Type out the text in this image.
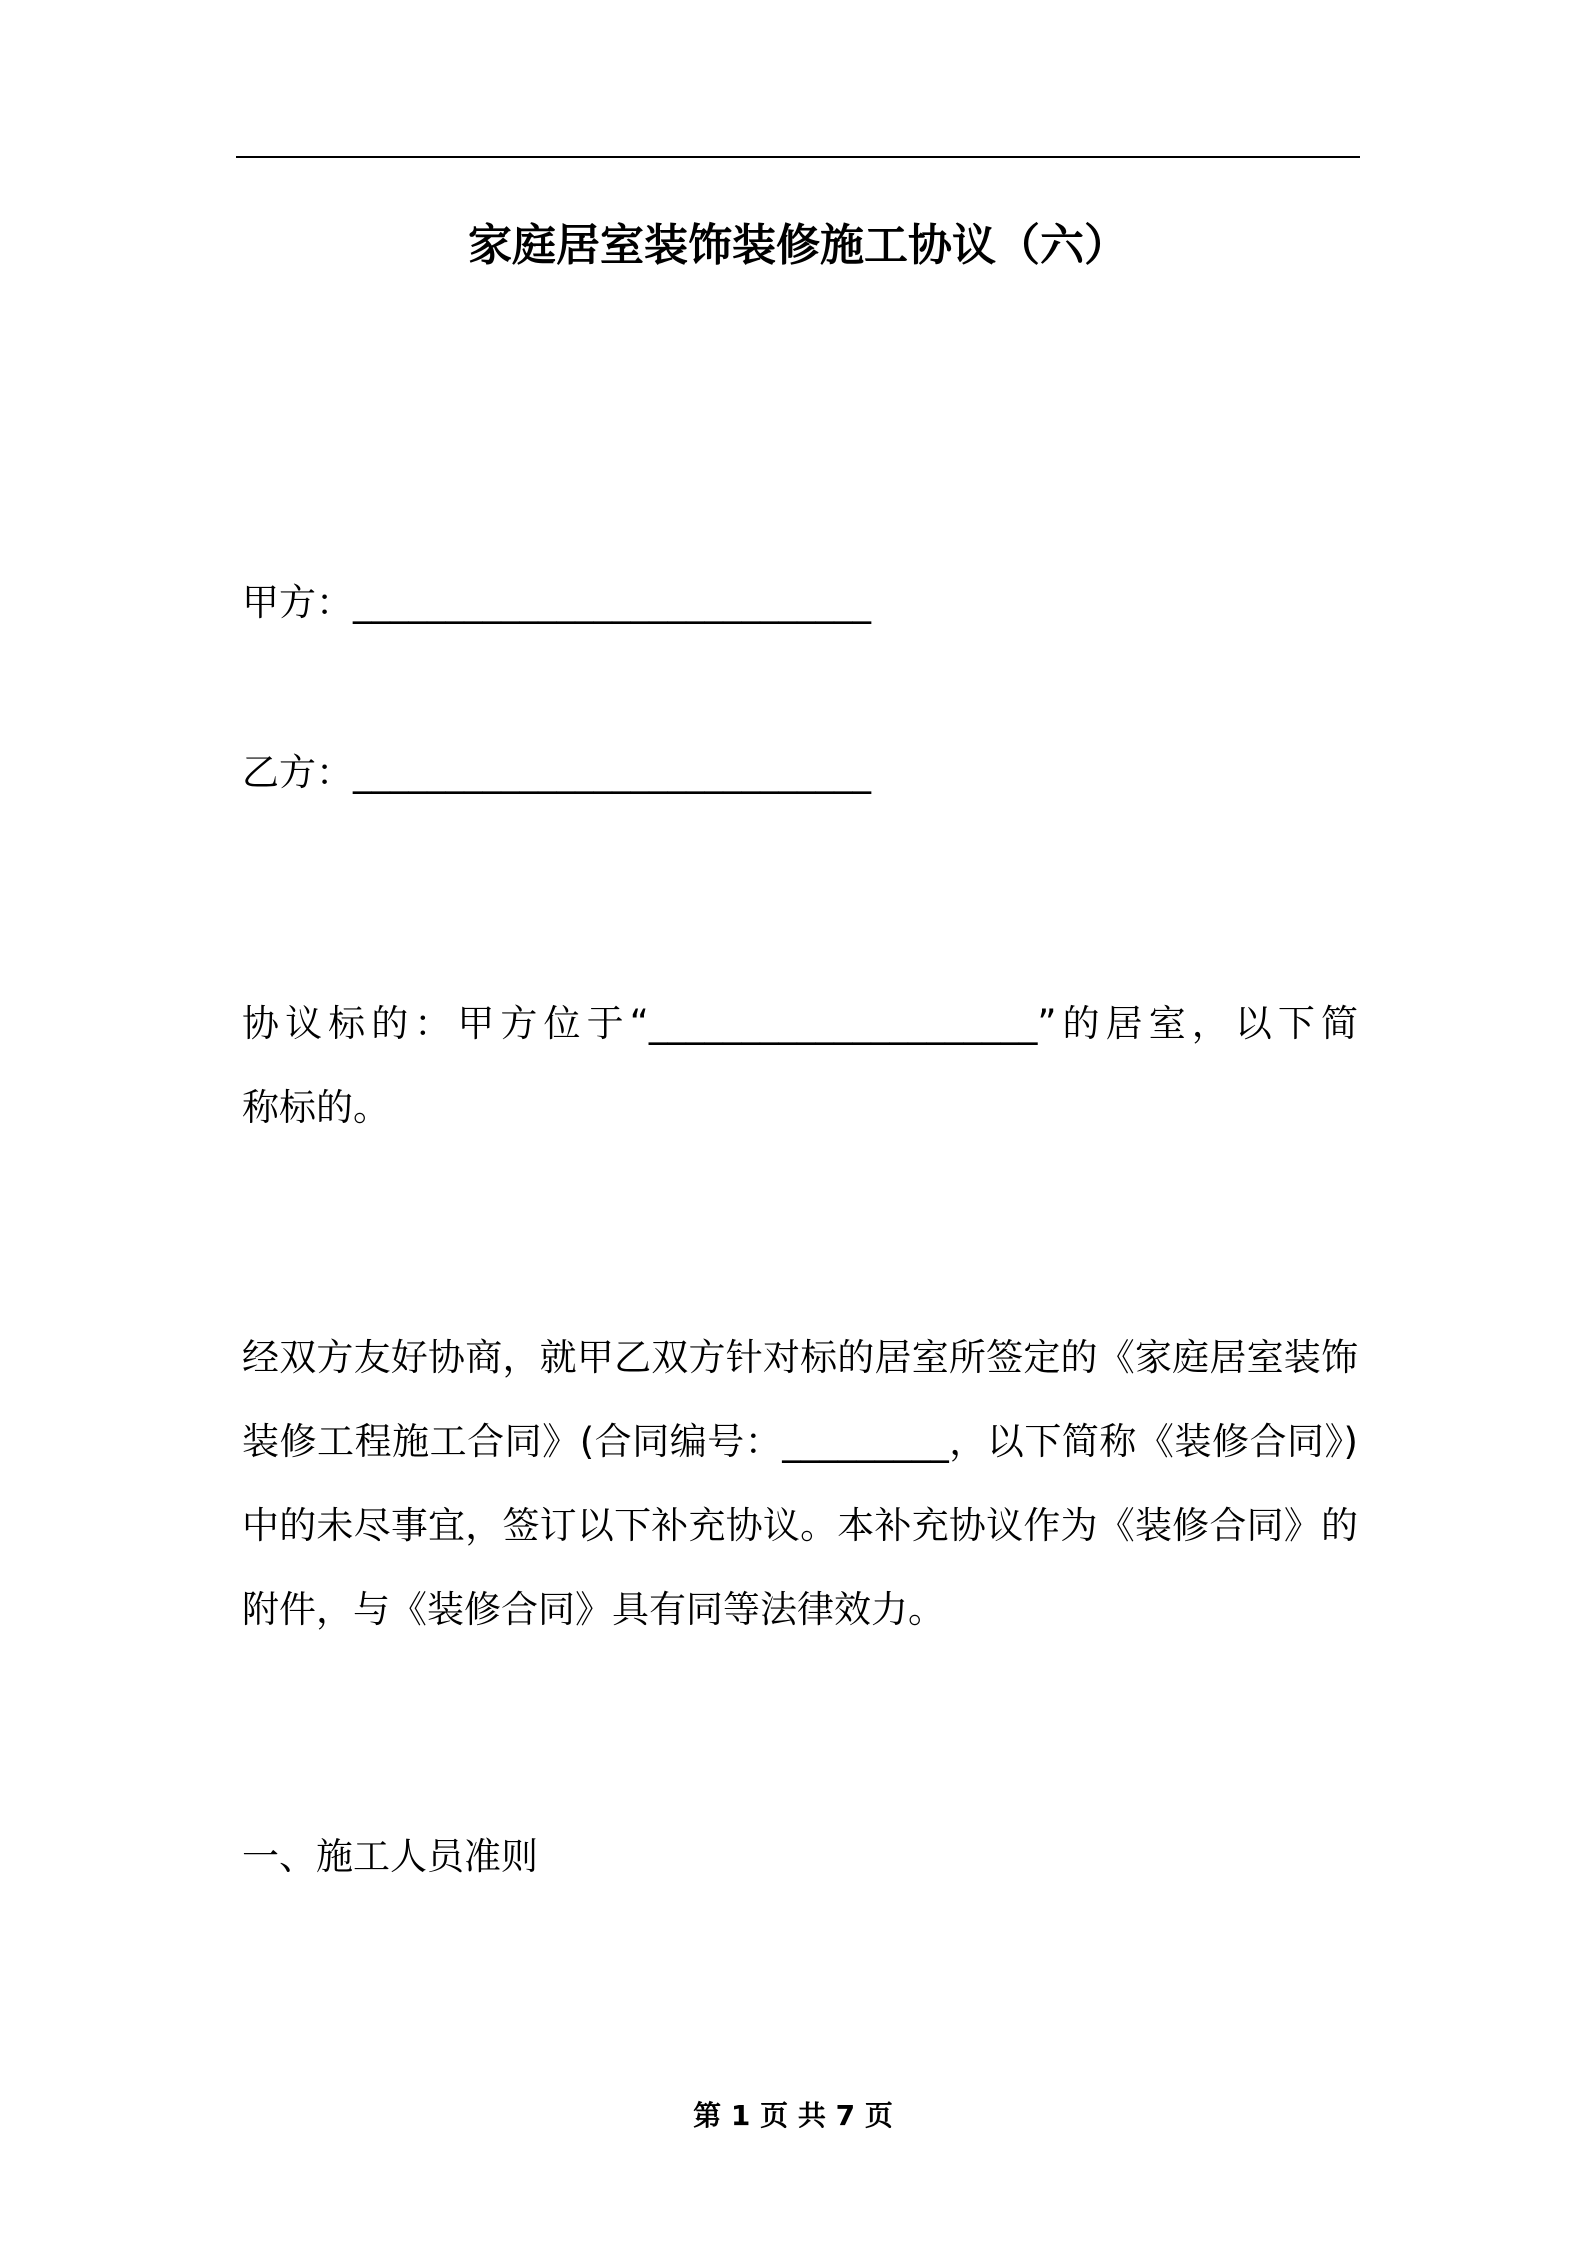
家庭居室装饰装修施工协议（六）
甲方：____________________________
乙方：____________________________
协议标的：甲方位于“_____________________”的居室，以下简
称标的。
经双方友好协商，就甲乙双方针对标的居室所签定的《家庭居室装饰
装修工程施工合同》(合同编号：_________，以下简称《装修合同》)
中的未尽事宜，签订以下补充协议。本补充协议作为《装修合同》的
附件，与《装修合同》具有同等法律效力。
一、施工人员准则
第 1 页 共 7 页
